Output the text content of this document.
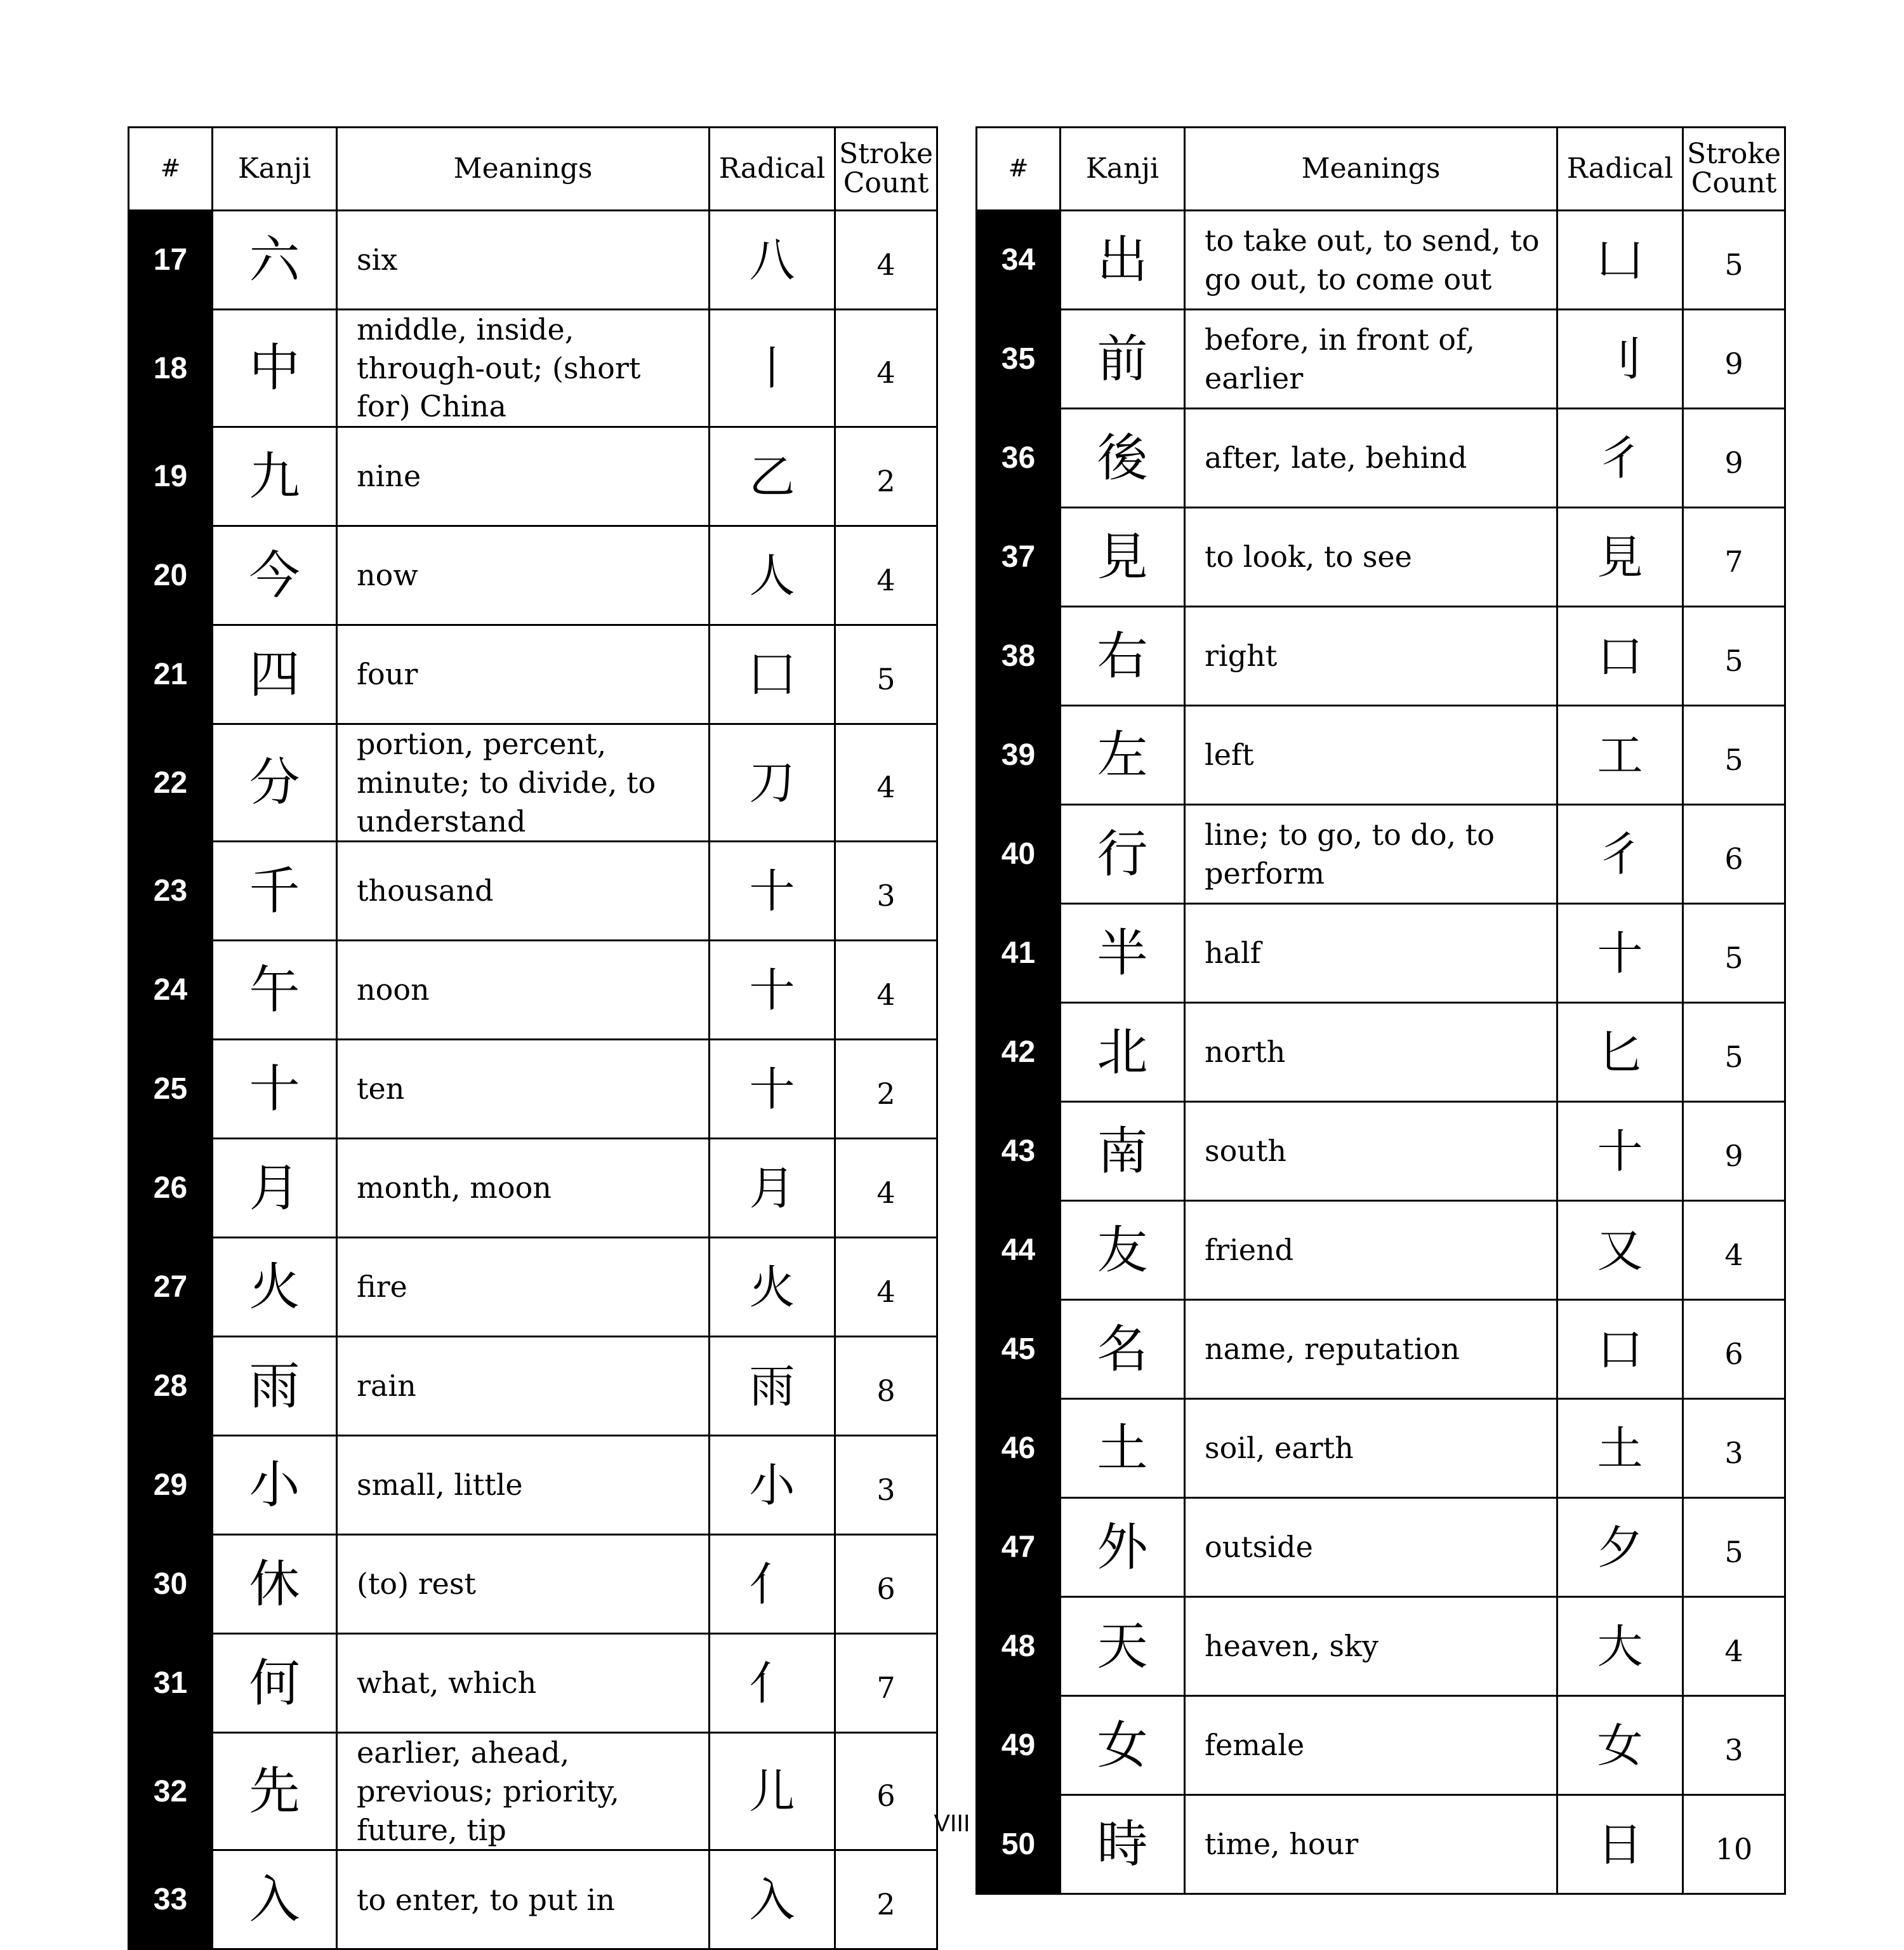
#	Kanji	Meanings	Radical	Stroke
Count
17	六	six	八	4
18	中	middle, inside, through-out; (short for) China	丨	4
19	九	nine	乙	2
20	今	now	人	4
21	四	four	囗	5
22	分	portion, percent, minute; to divide, to understand	刀	4
23	千	thousand	十	3
24	午	noon	十	4
25	十	ten	十	2
26	月	month, moon	月	4
27	火	fire	火	4
28	雨	rain	雨	8
29	小	small, little	小	3
30	休	(to) rest	亻	6
31	何	what, which	亻	7
32	先	earlier, ahead, previous; priority, future, tip	儿	6
33	入	to enter, to put in	入	2
#	Kanji	Meanings	Radical	Stroke
Count
34	出	to take out, to send, to go out, to come out	凵	5
35	前	before, in front of, earlier	刂	9
36	後	after, late, behind	彳	9
37	見	to look, to see	見	7
38	右	right	口	5
39	左	left	工	5
40	行	line; to go, to do, to perform	彳	6
41	半	half	十	5
42	北	north	匕	5
43	南	south	十	9
44	友	friend	又	4
45	名	name, reputation	口	6
46	土	soil, earth	土	3
47	外	outside	夕	5
48	天	heaven, sky	大	4
49	女	female	女	3
50	時	time, hour	日	10
VIII
